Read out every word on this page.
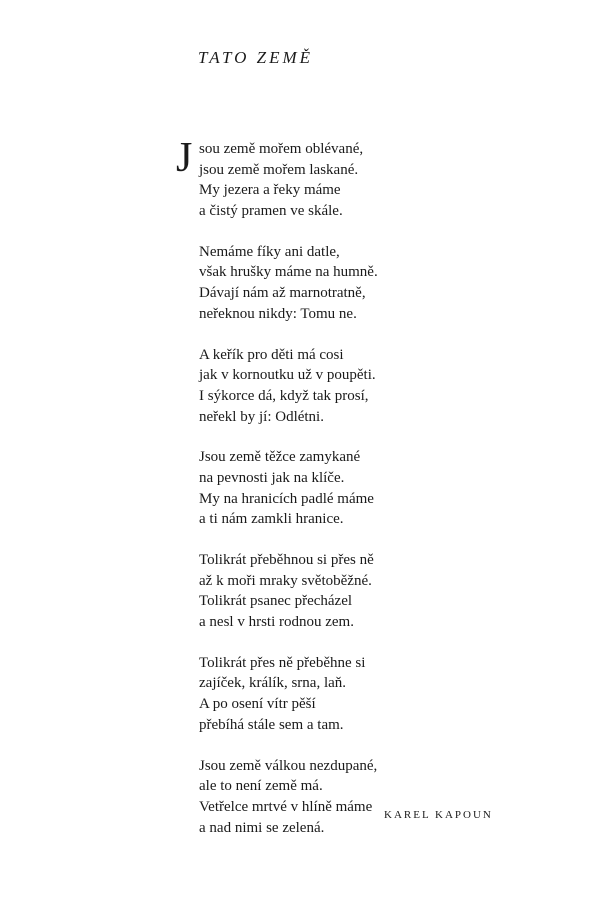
TATO ZEMĚ
J sou země mořem oblévané,
jsou země mořem laskané.
My jezera a řeky máme
a čistý pramen ve skále.
Nemáme fíky ani datle,
však hrušky máme na humně.
Dávají nám až marnotratně,
neřeknou nikdy: Tomu ne.
A keřík pro děti má cosi
jak v kornoutku už v poupěti.
I sýkorce dá, když tak prosí,
neřekl by jí: Odlétni.
Jsou země těžce zamykané
na pevnosti jak na klíče.
My na hranicích padlé máme
a ti nám zamkli hranice.
Tolikrát přeběhnou si přes ně
až k moři mraky světoběžné.
Tolikrát psanec přecházel
a nesl v hrsti rodnou zem.
Tolikrát přes ně přeběhne si
zajíček, králík, srna, laň.
A po osení vítr pěší
přebíhá stále sem a tam.
Jsou země válkou nezdupané,
ale to není země má.
Vetřelce mrtvé v hlíně máme
a nad nimi se zelená.
KAREL KAPOUN
